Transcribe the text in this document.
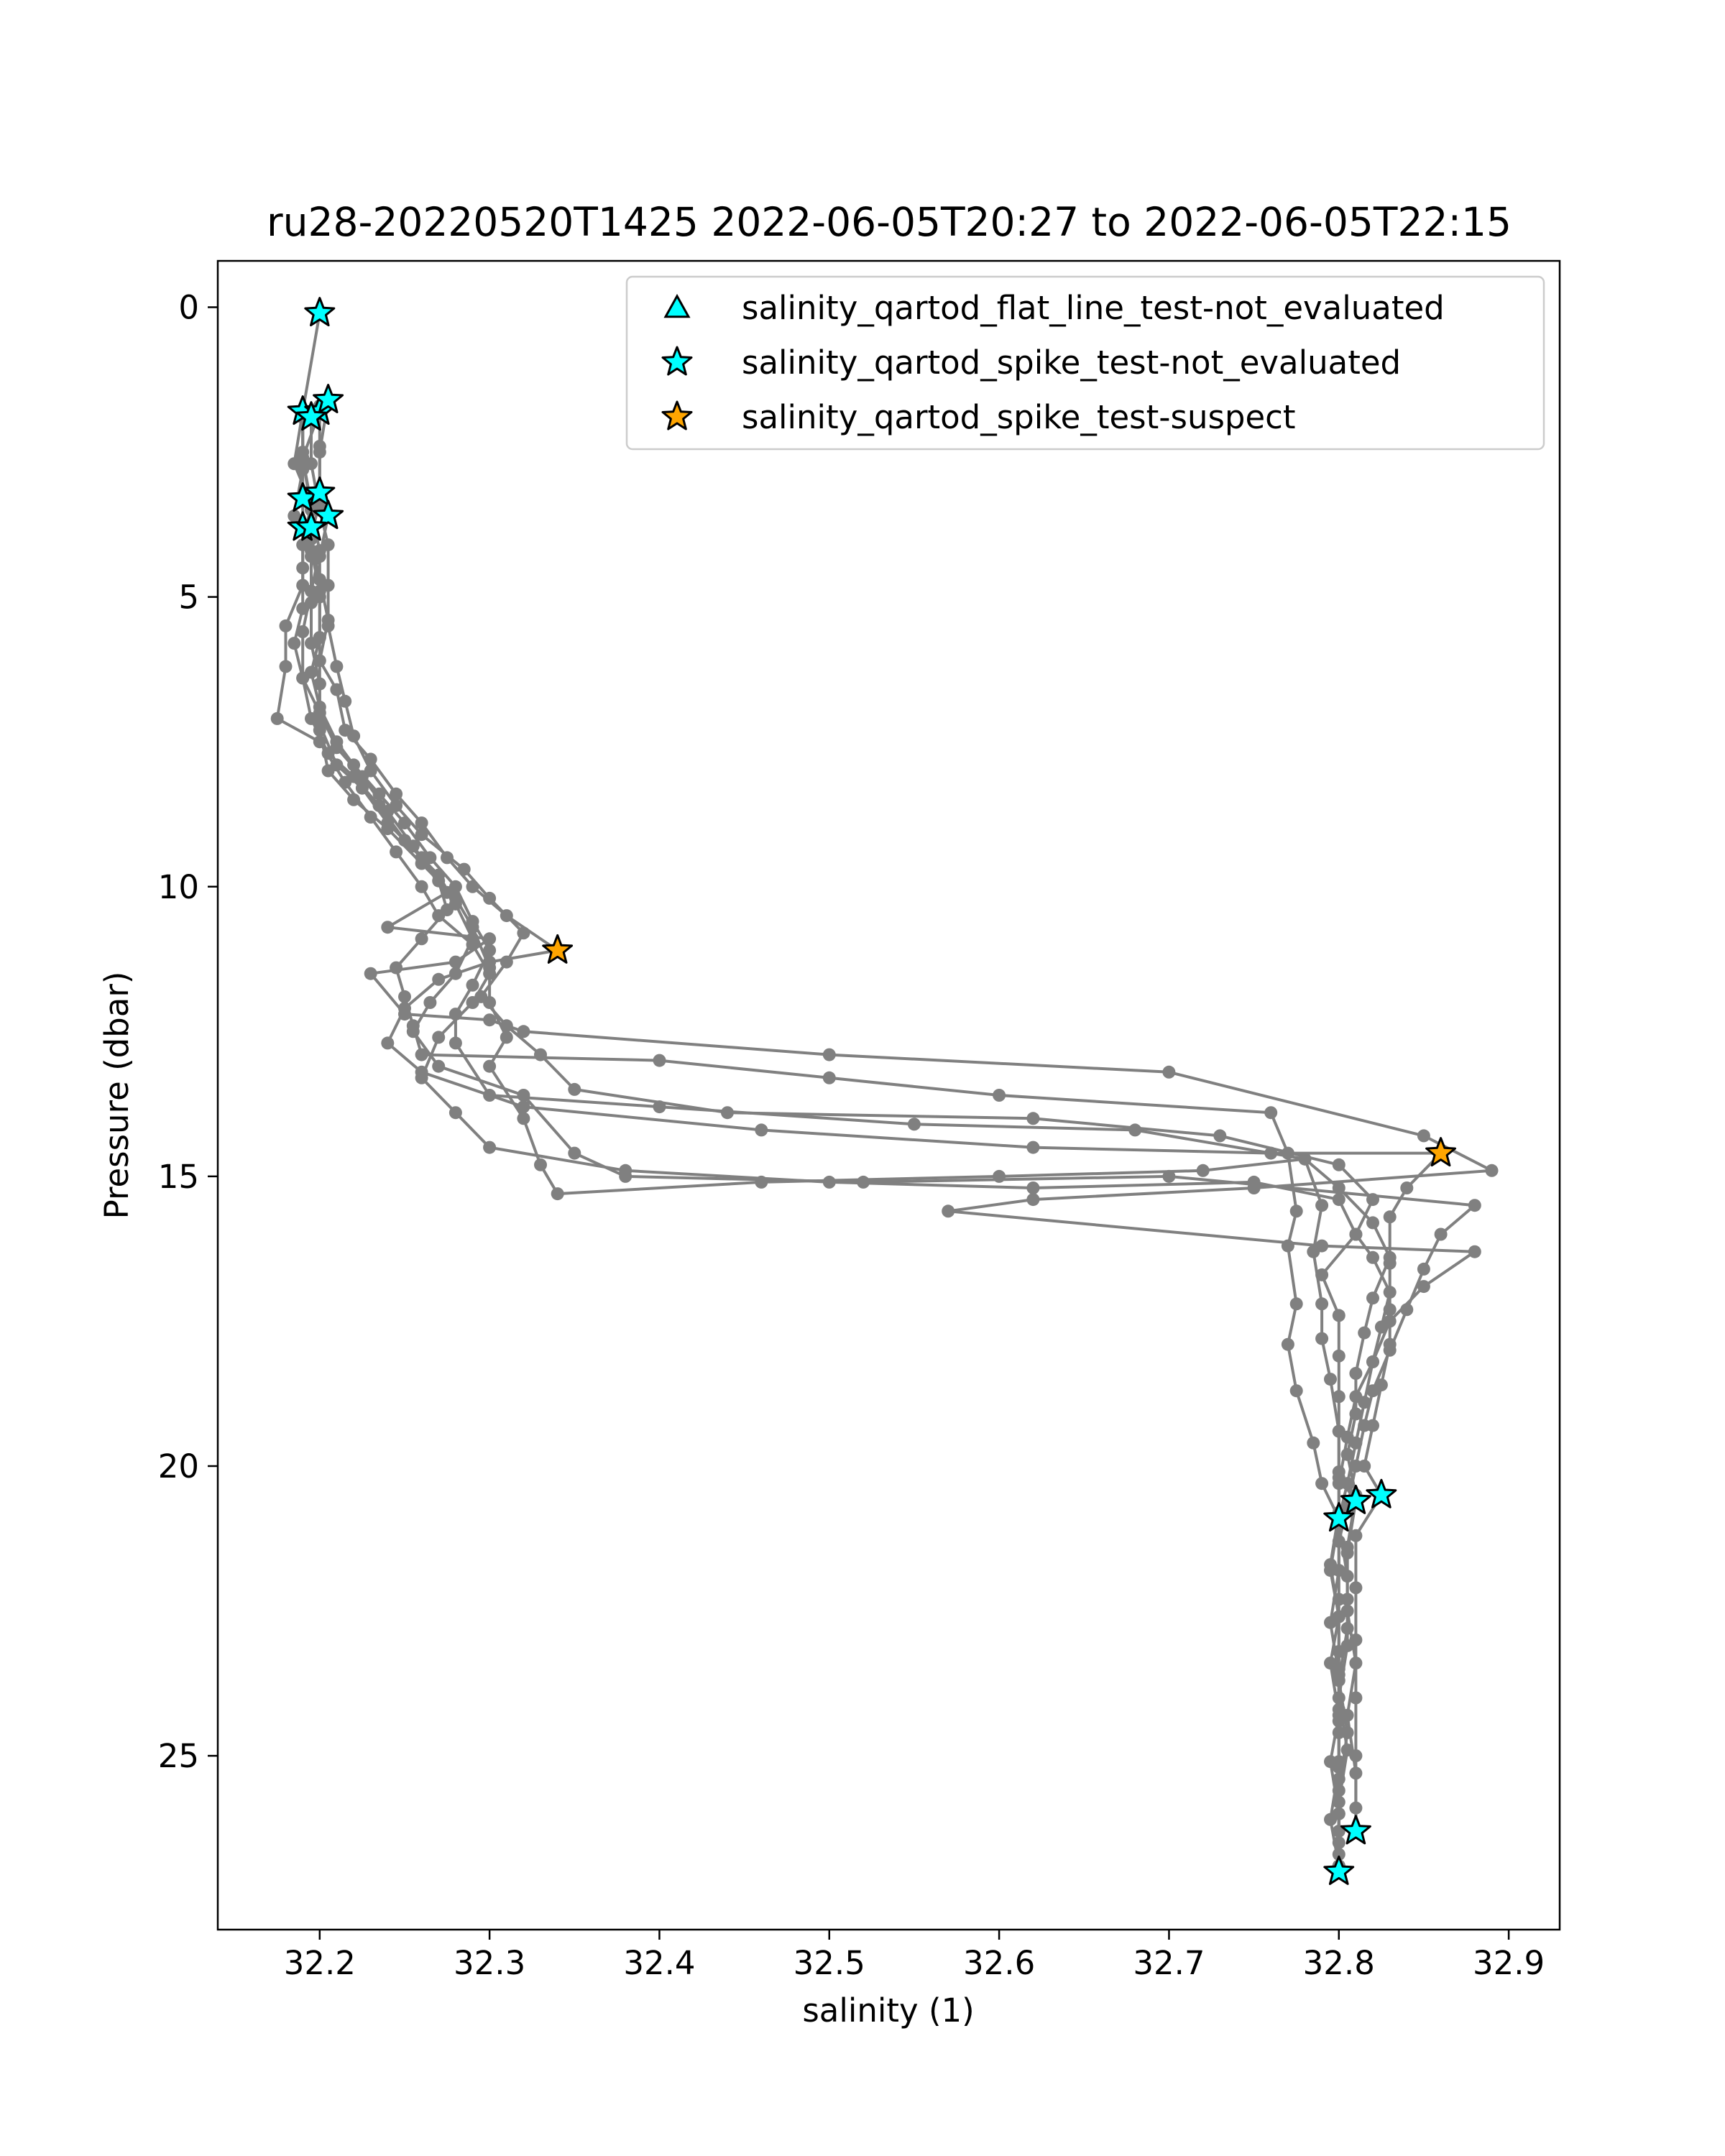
ru28-20220520T1425 2022-06-05T20:27 to 2022-06-05T22:15
32.2	32.3	32.4	32.5	32.6	32.7	32.8	32.9
0
5
10
15
20
25
salinity (1)
Pressure (dbar)
salinity_qartod_flat_line_test-not_evaluated
salinity_qartod_spike_test-not_evaluated
salinity_qartod_spike_test-suspect
